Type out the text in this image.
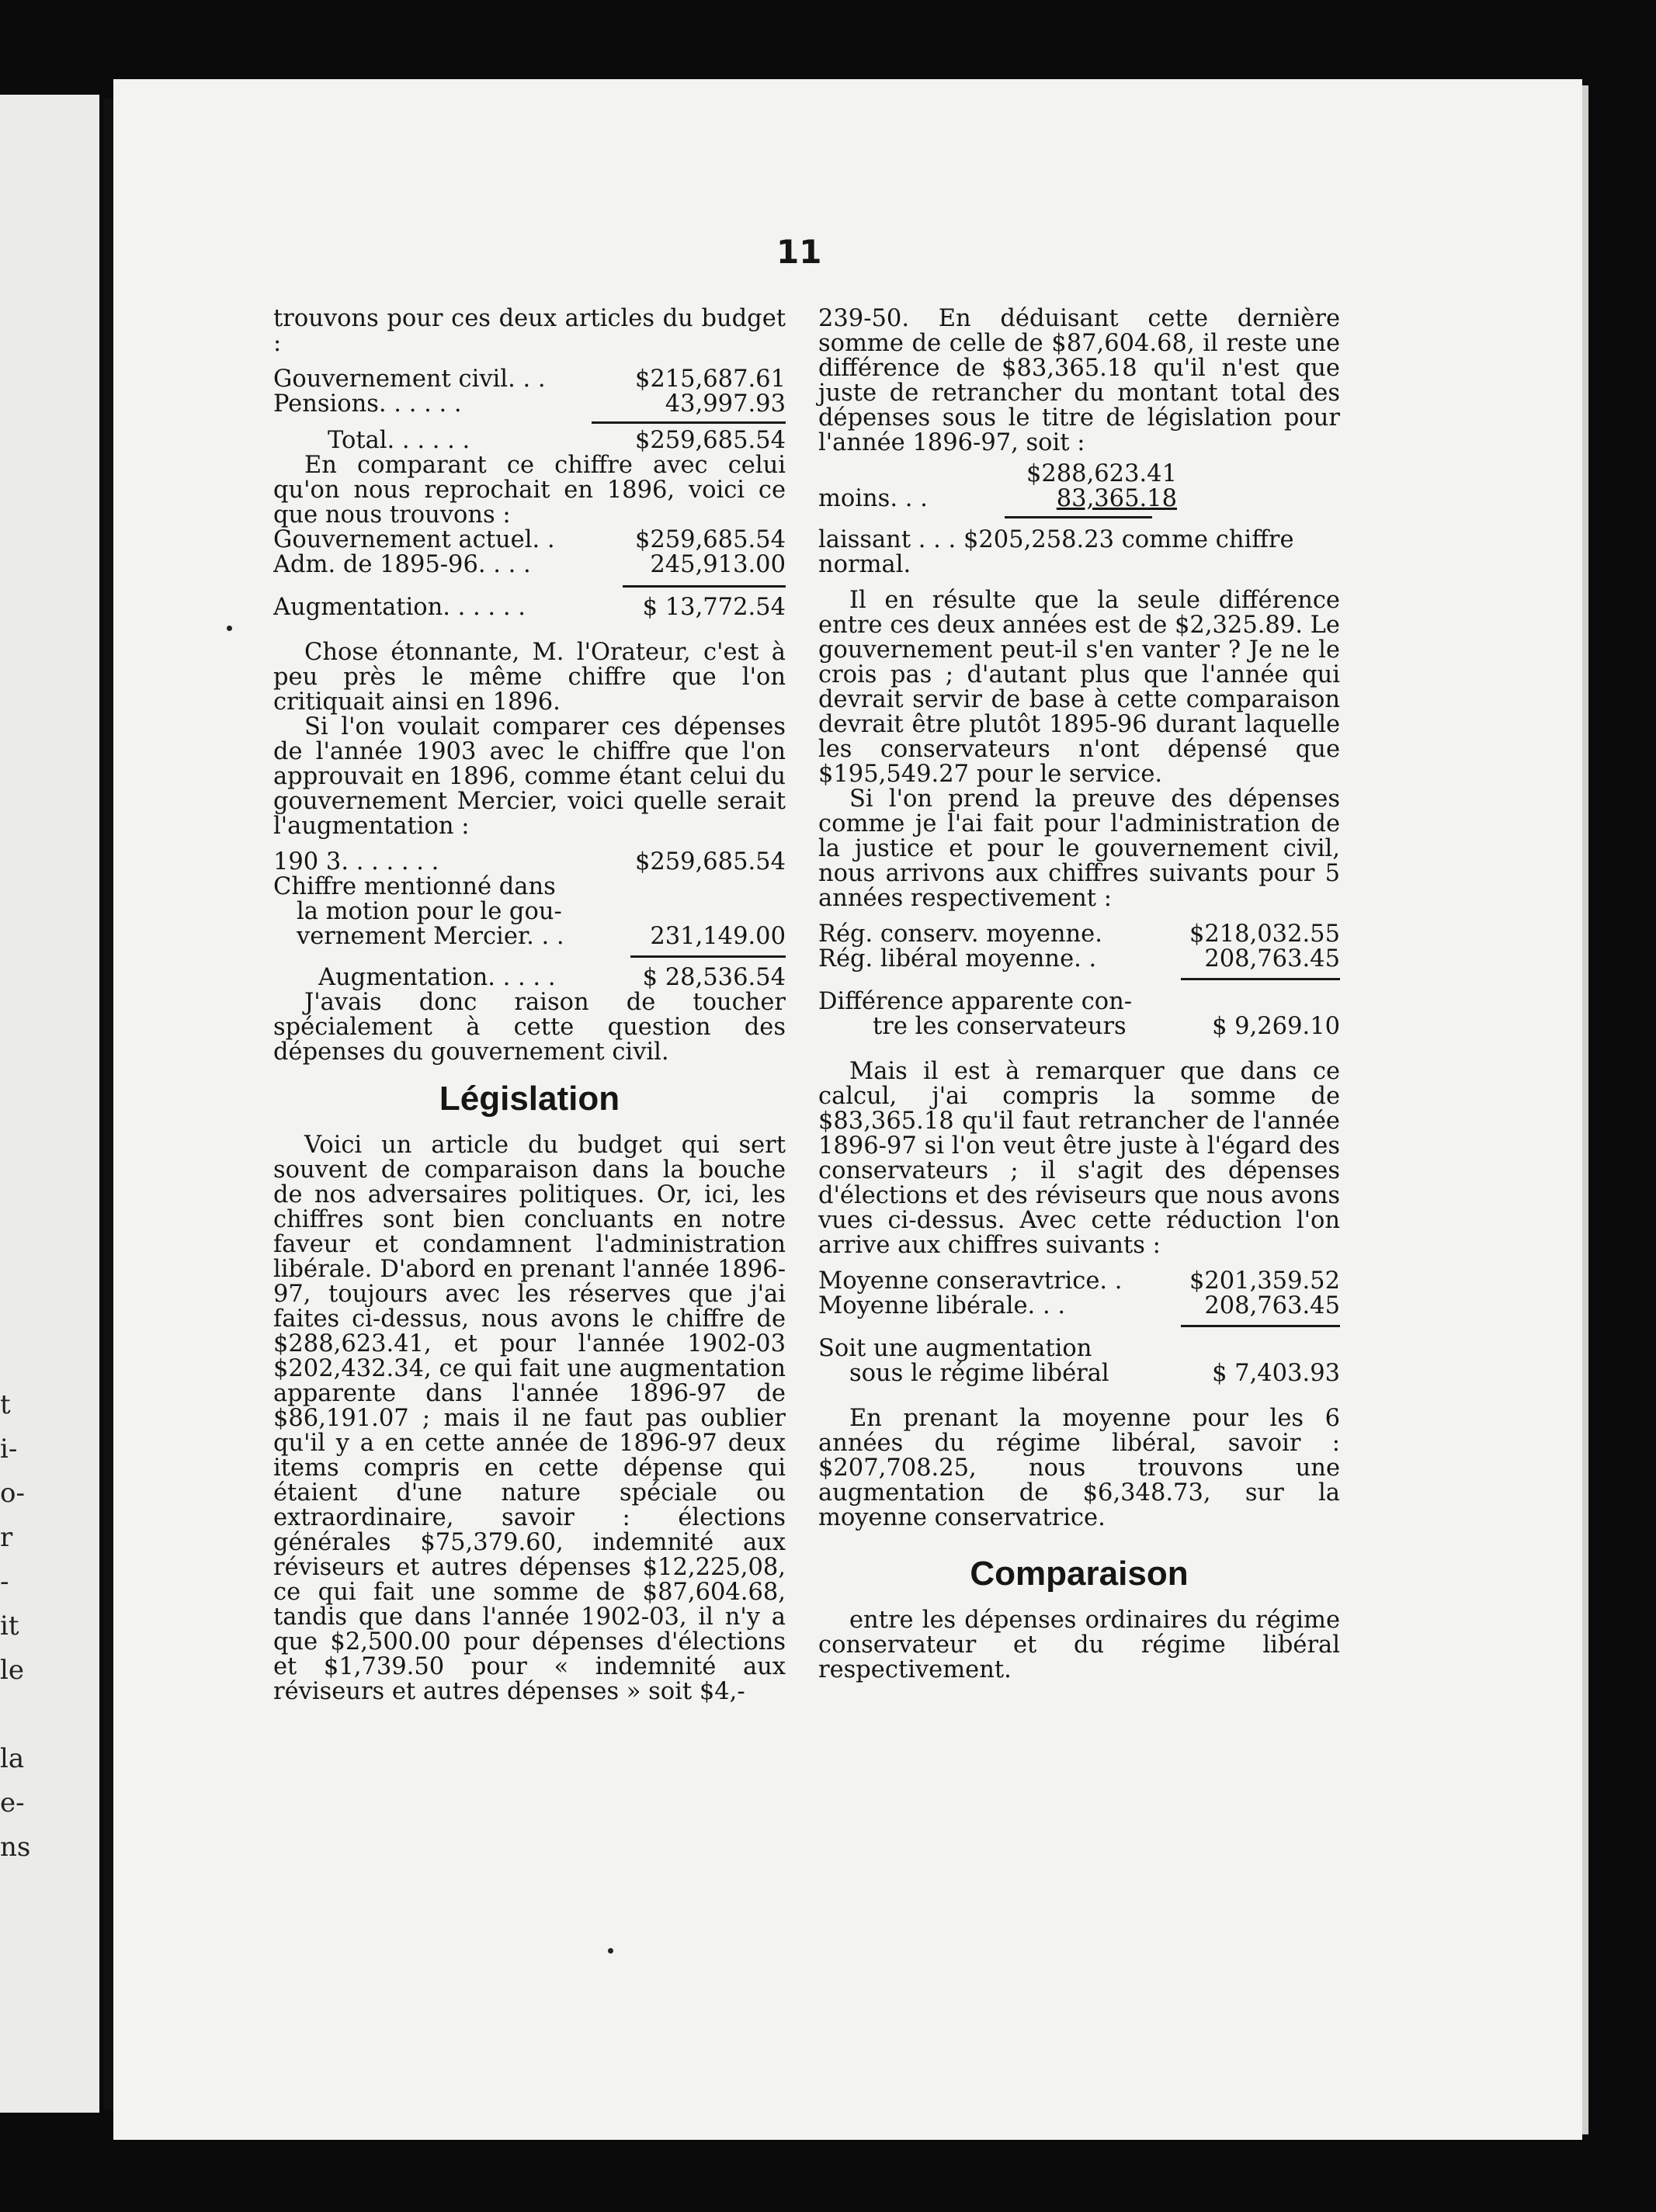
t
i-
o-
r
-
it
le
la
e-
ns
11

trouvons pour ces deux articles du budget :

Gouvernement civil. . .	$215,687.61
Pensions. . . . . .	43,997.93
Total. . . . . .	$259,685.54

En comparant ce chiffre avec celui qu'on nous reprochait en 1896, voici ce que nous trouvons :

Gouvernement actuel. .	$259,685.54
Adm. de 1895-96. . . .	245,913.00
Augmentation. . . . . .	$ 13,772.54

Chose étonnante, M. l'Orateur, c'est à peu près le même chiffre que l'on critiquait ainsi en 1896.

Si l'on voulait comparer ces dépenses de l'année 1903 avec le chiffre que l'on approuvait en 1896, comme étant celui du gouvernement Mercier, voici quelle serait l'augmentation :

190 3. . . . . . .	$259,685.54
Chiffre mentionné dans
la motion pour le gou-
vernement Mercier. . .	231,149.00
Augmentation. . . . .	$ 28,536.54

J'avais donc raison de toucher spécialement à cette question des dépenses du gouvernement civil.

Législation

Voici un article du budget qui sert souvent de comparaison dans la bouche de nos adversaires politiques. Or, ici, les chiffres sont bien concluants en notre faveur et condamnent l'administration libérale. D'abord en prenant l'année 1896-97, toujours avec les réserves que j'ai faites ci-dessus, nous avons le chiffre de $288,623.41, et pour l'année 1902-03 $202,432.34, ce qui fait une augmentation apparente dans l'année 1896-97 de $86,191.07 ; mais il ne faut pas oublier qu'il y a en cette année de 1896-97 deux items compris en cette dépense qui étaient d'une nature spéciale ou extraordinaire, savoir : élections générales $75,379.60, indemnité aux réviseurs et autres dépenses $12,225,08, ce qui fait une somme de $87,604.68, tandis que dans l'année 1902-03, il n'y a que $2,500.00 pour dépenses d'élections et $1,739.50 pour « indemnité aux réviseurs et autres dépenses » soit $4,-

239-50. En déduisant cette dernière somme de celle de $87,604.68, il reste une différence de $83,365.18 qu'il n'est que juste de retrancher du montant total des dépenses sous le titre de législation pour l'année 1896-97, soit :

$288,623.41
moins. . .	83,365.18
laissant . . . $205,258.23 comme chiffre normal.

Il en résulte que la seule différence entre ces deux années est de $2,325.89. Le gouvernement peut-il s'en vanter ? Je ne le crois pas ; d'autant plus que l'année qui devrait servir de base à cette comparaison devrait être plutôt 1895-96 durant laquelle les conservateurs n'ont dépensé que $195,549.27 pour le service.

Si l'on prend la preuve des dépenses comme je l'ai fait pour l'administration de la justice et pour le gouvernement civil, nous arrivons aux chiffres suivants pour 5 années respectivement :

Rég. conserv. moyenne.	$218,032.55
Rég. libéral moyenne. .	208,763.45
Différence apparente con-
tre les conservateurs	$ 9,269.10

Mais il est à remarquer que dans ce calcul, j'ai compris la somme de $83,365.18 qu'il faut retrancher de l'année 1896-97 si l'on veut être juste à l'égard des conservateurs ; il s'agit des dépenses d'élections et des réviseurs que nous avons vues ci-dessus. Avec cette réduction l'on arrive aux chiffres suivants :

Moyenne conseravtrice. .	$201,359.52
Moyenne libérale. . .	208,763.45
Soit une augmentation
sous le régime libéral	$ 7,403.93

En prenant la moyenne pour les 6 années du régime libéral, savoir : $207,708.25, nous trouvons une augmentation de $6,348.73, sur la moyenne conservatrice.

Comparaison

entre les dépenses ordinaires du régime conservateur et du régime libéral respectivement.
